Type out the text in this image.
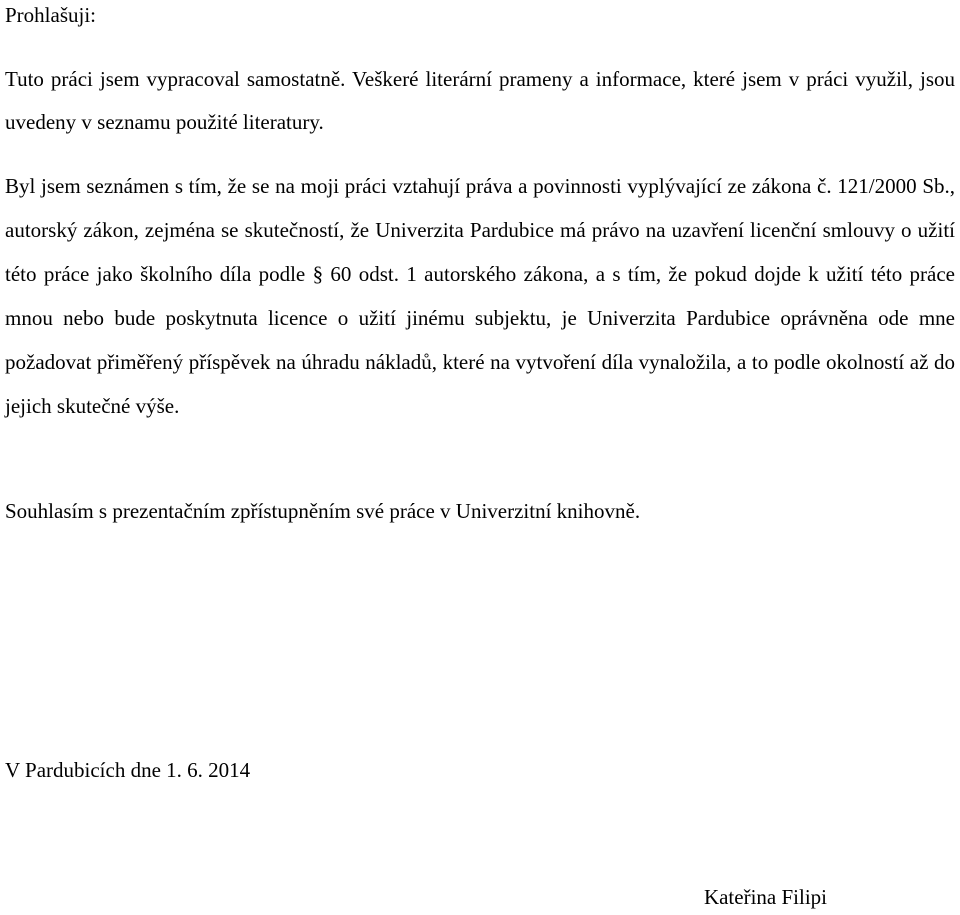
Prohlašuji:

Tuto práci jsem vypracoval samostatně. Veškeré literární prameny a informace, které jsem v práci využil, jsou uvedeny v seznamu použité literatury.

Byl jsem seznámen s tím, že se na moji práci vztahují práva a povinnosti vyplývající ze zákona č. 121/2000 Sb., autorský zákon, zejména se skutečností, že Univerzita Pardubice má právo na uzavření licenční smlouvy o užití této práce jako školního díla podle § 60 odst. 1 autorského zákona, a s tím, že pokud dojde k užití této práce mnou nebo bude poskytnuta licence o užití jinému subjektu, je Univerzita Pardubice oprávněna ode mne požadovat přiměřený příspěvek na úhradu nákladů, které na vytvoření díla vynaložila, a to podle okolností až do jejich skutečné výše.

Souhlasím s prezentačním zpřístupněním své práce v Univerzitní knihovně.

V Pardubicích dne 1. 6. 2014

Kateřina Filipi
